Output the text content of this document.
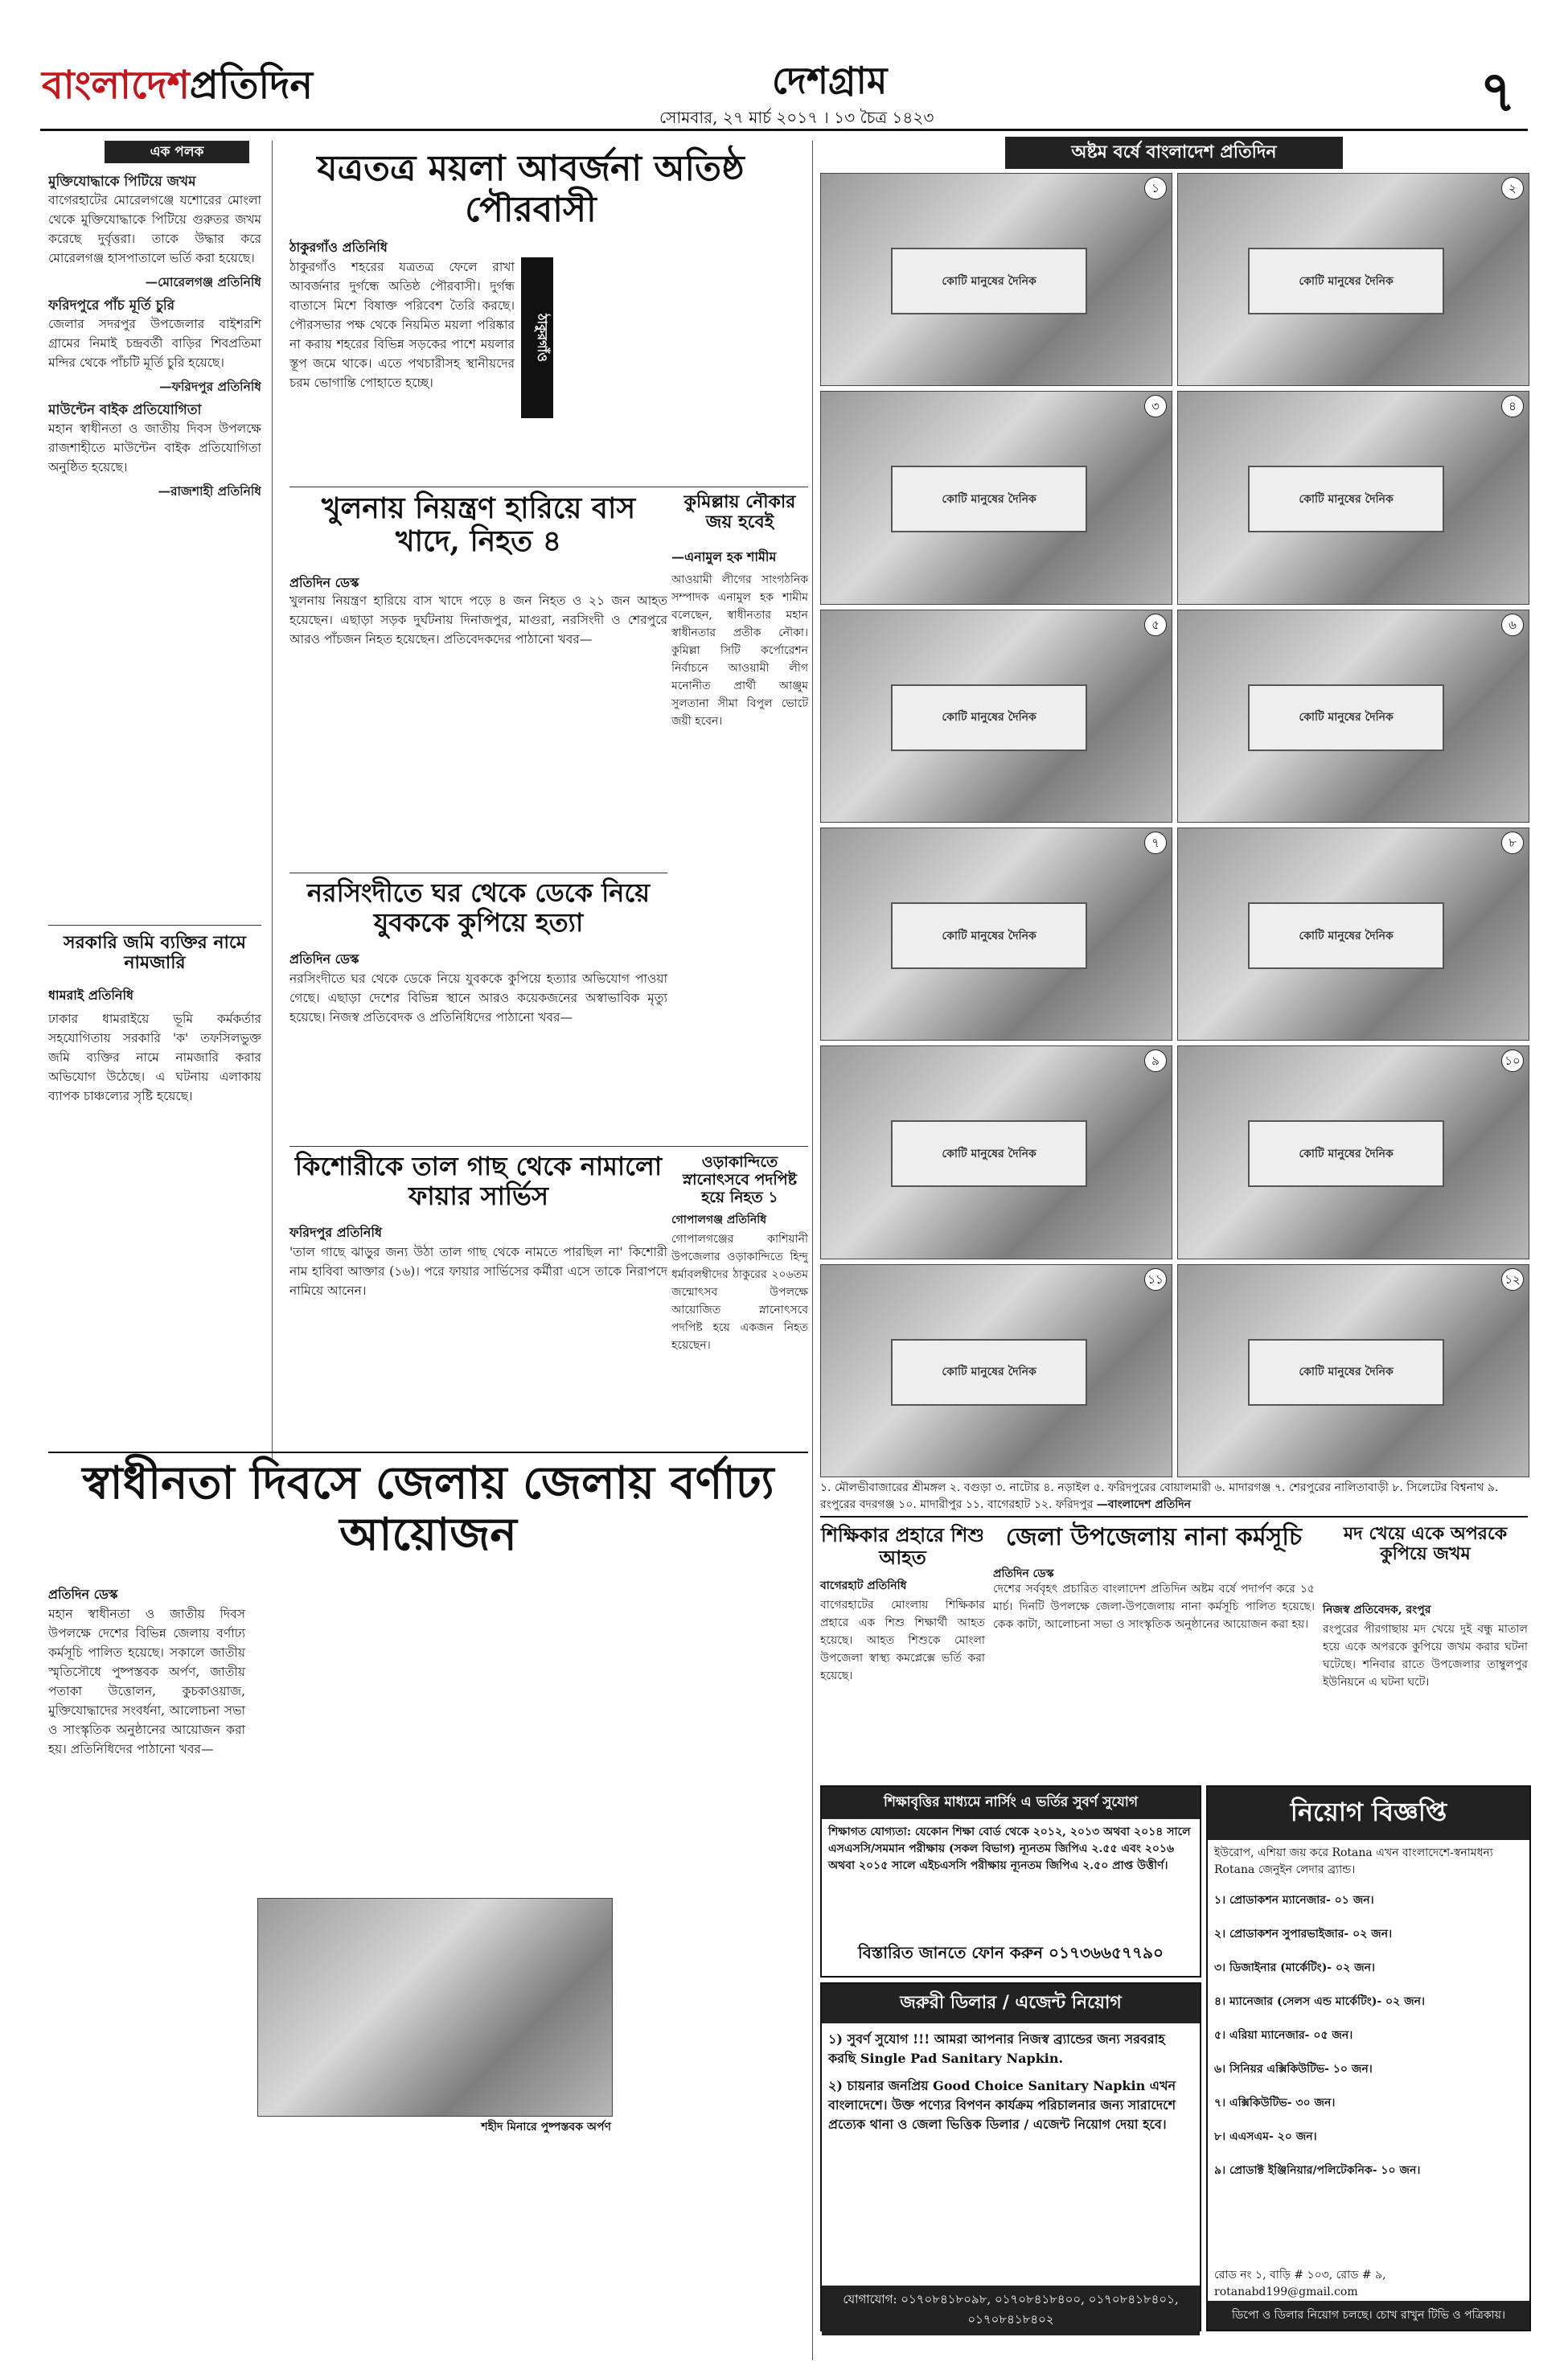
বাংলাদেশপ্রতিদিন	দেশগ্রাম
সোমবার, ২৭ মার্চ ২০১৭ । ১৩ চৈত্র ১৪২৩	৭
এক পলক
মুক্তিযোদ্ধাকে পিটিয়ে জখম

বাগেরহাটের মোরেলগঞ্জে যশোরের মোংলা থেকে মুক্তিযোদ্ধাকে পিটিয়ে গুরুতর জখম করেছে দুর্বৃত্তরা। তাকে উদ্ধার করে মোরেলগঞ্জ হাসপাতালে ভর্তি করা হয়েছে।

—মোরেলগঞ্জ প্রতিনিধি

ফরিদপুরে পাঁচ মূর্তি চুরি

জেলার সদরপুর উপজেলার বাইশরশি গ্রামের নিমাই চন্দ্রবর্তী বাড়ির শিবপ্রতিমা মন্দির থেকে পাঁচটি মূর্তি চুরি হয়েছে।

—ফরিদপুর প্রতিনিধি

মাউন্টেন বাইক প্রতিযোগিতা

মহান স্বাধীনতা ও জাতীয় দিবস উপলক্ষে রাজশাহীতে মাউন্টেন বাইক প্রতিযোগিতা অনুষ্ঠিত হয়েছে।

—রাজশাহী প্রতিনিধি

সরকারি জমি ব্যক্তির নামে নামজারি
ধামরাই প্রতিনিধি
ঢাকার ধামরাইয়ে ভূমি কর্মকর্তার সহযোগিতায় সরকারি 'ক' তফসিলভুক্ত জমি ব্যক্তির নামে নামজারি করার অভিযোগ উঠেছে। এ ঘটনায় এলাকায় ব্যাপক চাঞ্চল্যের সৃষ্টি হয়েছে।
যত্রতত্র ময়লা আবর্জনা অতিষ্ঠ পৌরবাসী
ঠাকুরগাঁও প্রতিনিধি
ঠাকুরগাঁও শহরের যত্রতত্র ফেলে রাখা আবর্জনার দুর্গন্ধে অতিষ্ঠ পৌরবাসী। দুর্গন্ধ বাতাসে মিশে বিষাক্ত পরিবেশ তৈরি করছে। পৌরসভার পক্ষ থেকে নিয়মিত ময়লা পরিষ্কার না করায় শহরের বিভিন্ন সড়কের পাশে ময়লার স্তূপ জমে থাকে। এতে পথচারীসহ স্থানীয়দের চরম ভোগান্তি পোহাতে হচ্ছে।
ঠাকুরগাঁও
খুলনায় নিয়ন্ত্রণ হারিয়ে বাস খাদে, নিহত ৪
প্রতিদিন ডেস্ক
খুলনায় নিয়ন্ত্রণ হারিয়ে বাস খাদে পড়ে ৪ জন নিহত ও ২১ জন আহত হয়েছেন। এছাড়া সড়ক দুর্ঘটনায় দিনাজপুর, মাগুরা, নরসিংদী ও শেরপুরে আরও পাঁচজন নিহত হয়েছেন। প্রতিবেদকদের পাঠানো খবর—
কুমিল্লায় নৌকার জয় হবেই
—এনামুল হক শামীম
আওয়ামী লীগের সাংগঠনিক সম্পাদক এনামুল হক শামীম বলেছেন, স্বাধীনতার মহান স্বাধীনতার প্রতীক নৌকা। কুমিল্লা সিটি কর্পোরেশন নির্বাচনে আওয়ামী লীগ মনোনীত প্রার্থী আঞ্জুম সুলতানা সীমা বিপুল ভোটে জয়ী হবেন।
নরসিংদীতে ঘর থেকে ডেকে নিয়ে যুবককে কুপিয়ে হত্যা
প্রতিদিন ডেস্ক
নরসিংদীতে ঘর থেকে ডেকে নিয়ে যুবককে কুপিয়ে হত্যার অভিযোগ পাওয়া গেছে। এছাড়া দেশের বিভিন্ন স্থানে আরও কয়েকজনের অস্বাভাবিক মৃত্যু হয়েছে। নিজস্ব প্রতিবেদক ও প্রতিনিধিদের পাঠানো খবর—
কিশোরীকে তাল গাছ থেকে নামালো ফায়ার সার্ভিস
ফরিদপুর প্রতিনিধি
'তাল গাছে ঝাড়ুর জন্য উঠা তাল গাছ থেকে নামতে পারছিল না' কিশোরী নাম হাবিবা আক্তার (১৬)। পরে ফায়ার সার্ভিসের কর্মীরা এসে তাকে নিরাপদে নামিয়ে আনেন।
ওড়াকান্দিতে স্নানোৎসবে পদপিষ্ট হয়ে নিহত ১
গোপালগঞ্জ প্রতিনিধি
গোপালগঞ্জের কাশিয়ানী উপজেলার ওড়াকান্দিতে হিন্দু ধর্মাবলম্বীদের ঠাকুরের ২০৬তম জন্মোৎসব উপলক্ষে আয়োজিত স্নানোৎসবে পদপিষ্ট হয়ে একজন নিহত হয়েছেন।
স্বাধীনতা দিবসে জেলায় জেলায় বর্ণাঢ্য আয়োজন
প্রতিদিন ডেস্ক
মহান স্বাধীনতা ও জাতীয় দিবস উপলক্ষে দেশের বিভিন্ন জেলায় বর্ণাঢ্য কর্মসূচি পালিত হয়েছে। সকালে জাতীয় স্মৃতিসৌধে পুষ্পস্তবক অর্পণ, জাতীয় পতাকা উত্তোলন, কুচকাওয়াজ, মুক্তিযোদ্ধাদের সংবর্ধনা, আলোচনা সভা ও সাংস্কৃতিক অনুষ্ঠানের আয়োজন করা হয়। প্রতিনিধিদের পাঠানো খবর—
শহীদ মিনারে পুষ্পস্তবক অর্পণ
অষ্টম বর্ষে বাংলাদেশ প্রতিদিন
১
কোটি মানুষের দৈনিক
২
কোটি মানুষের দৈনিক
৩
কোটি মানুষের দৈনিক
৪
কোটি মানুষের দৈনিক
৫
কোটি মানুষের দৈনিক
৬
কোটি মানুষের দৈনিক
৭
কোটি মানুষের দৈনিক
৮
কোটি মানুষের দৈনিক
৯
কোটি মানুষের দৈনিক
১০
কোটি মানুষের দৈনিক
১১
কোটি মানুষের দৈনিক
১২
কোটি মানুষের দৈনিক
১. মৌলভীবাজারের শ্রীমঙ্গল ২. বগুড়া ৩. নাটোর ৪. নড়াইল ৫. ফরিদপুরের বোয়ালমারী ৬. মাদারগঞ্জ ৭. শেরপুরের নালিতাবাড়ী ৮. সিলেটের বিশ্বনাথ ৯. রংপুরের বদরগঞ্জ ১০. মাদারীপুর ১১. বাগেরহাট ১২. ফরিদপুর —বাংলাদেশ প্রতিদিন
শিক্ষিকার প্রহারে শিশু আহত
বাগেরহাট প্রতিনিধি
বাগেরহাটের মোংলায় শিক্ষিকার প্রহারে এক শিশু শিক্ষার্থী আহত হয়েছে। আহত শিশুকে মোংলা উপজেলা স্বাস্থ্য কমপ্লেক্সে ভর্তি করা হয়েছে।
জেলা উপজেলায় নানা কর্মসূচি
প্রতিদিন ডেস্ক
দেশের সর্ববৃহৎ প্রচারিত বাংলাদেশ প্রতিদিন অষ্টম বর্ষে পদার্পণ করে ১৫ মার্চ। দিনটি উপলক্ষে জেলা-উপজেলায় নানা কর্মসূচি পালিত হয়েছে। কেক কাটা, আলোচনা সভা ও সাংস্কৃতিক অনুষ্ঠানের আয়োজন করা হয়।
মদ খেয়ে একে অপরকে কুপিয়ে জখম
নিজস্ব প্রতিবেদক, রংপুর
রংপুরের পীরগাছায় মদ খেয়ে দুই বন্ধু মাতাল হয়ে একে অপরকে কুপিয়ে জখম করার ঘটনা ঘটেছে। শনিবার রাতে উপজেলার তাম্বুলপুর ইউনিয়নে এ ঘটনা ঘটে।
শিক্ষাবৃত্তির মাধ্যমে নার্সিং এ ভর্তির সুবর্ণ সুযোগ
শিক্ষাগত যোগ্যতা: যেকোন শিক্ষা বোর্ড থেকে ২০১২, ২০১৩ অথবা ২০১৪ সালে এসএসসি/সমমান পরীক্ষায় (সকল বিভাগ) ন্যূনতম জিপিএ ২.৫৫ এবং ২০১৬ অথবা ২০১৫ সালে এইচএসসি পরীক্ষায় ন্যূনতম জিপিএ ২.৫০ প্রাপ্ত উত্তীর্ণ।
বিস্তারিত জানতে ফোন করুন ০১৭৩৬৬৫৭৭৯০
জরুরী ডিলার / এজেন্ট নিয়োগ

১) সুবর্ণ সুযোগ !!! আমরা আপনার নিজস্ব ব্র্যান্ডের জন্য সরবরাহ করছি Single Pad Sanitary Napkin.

২) চায়নার জনপ্রিয় Good Choice Sanitary Napkin এখন বাংলাদেশে। উক্ত পণ্যের বিপণন কার্যক্রম পরিচালনার জন্য সারাদেশে প্রত্যেক থানা ও জেলা ভিত্তিক ডিলার / এজেন্ট নিয়োগ দেয়া হবে।

যোগাযোগ: ০১৭০৮৪১৮০৯৮, ০১৭০৮৪১৮৪০০, ০১৭০৮৪১৮৪০১, ০১৭০৮৪১৮৪০২
নিয়োগ বিজ্ঞপ্তি
ইউরোপ, এশিয়া জয় করে Rotana এখন বাংলাদেশে-স্বনামধন্য Rotana জেনুইন লেদার ব্র্যান্ড।
১। প্রোডাকশন ম্যানেজার- ০১ জন।
২। প্রোডাকশন সুপারভাইজার- ০২ জন।
৩। ডিজাইনার (মার্কেটিং)- ০২ জন।
৪। ম্যানেজার (সেলস এন্ড মার্কেটিং)- ০২ জন।
৫। এরিয়া ম্যানেজার- ০৫ জন।
৬। সিনিয়র এক্সিকিউটিভ- ১০ জন।
৭। এক্সিকিউটিভ- ৩০ জন।
৮। এএসএম- ২০ জন।
৯। প্রোডাক্ট ইঞ্জিনিয়ার/পলিটেকনিক- ১০ জন।
রোড নং ১, বাড়ি # ১০৩, রোড # ৯, rotanabd199@gmail.com
ডিপো ও ডিলার নিয়োগ চলছে। চোখ রাখুন টিভি ও পত্রিকায়।
